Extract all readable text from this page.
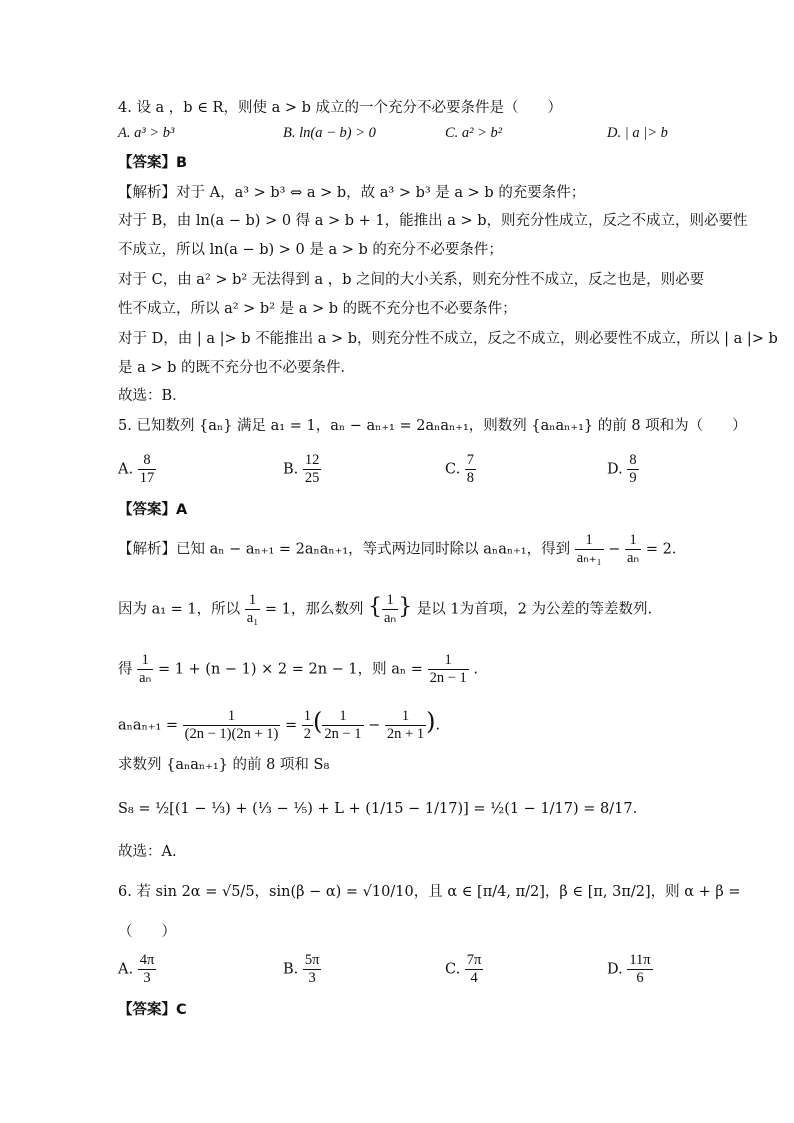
4. 设 a ，b ∈ R，则使 a > b 成立的一个充分不必要条件是（　　）
A. a³ > b³	B. ln(a − b) > 0	C. a² > b²	D. | a |> b
【答案】B
【解析】对于 A，a³ > b³ ⇔ a > b，故 a³ > b³ 是 a > b 的充要条件；
对于 B，由 ln(a − b) > 0 得 a > b + 1，能推出 a > b，则充分性成立，反之不成立，则必要性
不成立，所以 ln(a − b) > 0 是 a > b 的充分不必要条件；
对于 C，由 a² > b² 无法得到 a ，b 之间的大小关系，则充分性不成立，反之也是，则必要
性不成立，所以 a² > b² 是 a > b 的既不充分也不必要条件；
对于 D，由 | a |> b 不能推出 a > b，则充分性不成立，反之不成立，则必要性不成立，所以 | a |> b
是 a > b 的既不充分也不必要条件．
故选：B．
5. 已知数列 {aₙ} 满足 a₁ = 1，aₙ − aₙ₊₁ = 2aₙaₙ₊₁，则数列 {aₙaₙ₊₁} 的前 8 项和为（　　）
A. $\frac{8}{17}$	B. $\frac{12}{25}$	C. $\frac{7}{8}$	D. $\frac{8}{9}$
【答案】A
【解析】已知 aₙ − aₙ₊₁ = 2aₙaₙ₊₁，等式两边同时除以 aₙaₙ₊₁，得到 $\frac{1}{\text{aₙ₊₁}} - \frac{1}{\text{aₙ}} = 2$.
因为 a₁ = 1，所以 $\frac{1}{\text{a₁}} = 1$，那么数列 { $\frac{1}{\text{aₙ}}$ } 是以 1为首项，2 为公差的等差数列.
得 $\frac{1}{\text{aₙ}} = 1 + (n - 1) \times 2 = 2n - 1$，则 $a_n = \frac{1}{2n - 1}$ .
$a_na_{n+1} = \frac{1}{(2n - 1)(2n + 1)} = \frac{1}{2}$ ( $\frac{1}{2n - 1} - \frac{1}{2n + 1}$ ).
求数列 {aₙaₙ₊₁} 的前 8 项和 S₈
S₈ = ½[(1 − ⅓) + (⅓ − ⅕) + L + (1/15 − 1/17)] = ½(1 − 1/17) = 8/17.
故选：A.
6. 若 sin 2α = √5/5，sin(β − α) = √10/10，且 α ∈ [π/4, π/2]，β ∈ [π, 3π/2]，则 α + β =
（　　）
A. $\frac{4\pi}{3}$	B. $\frac{5\pi}{3}$	C. $\frac{7\pi}{4}$	D. $\frac{11\pi}{6}$
【答案】C
